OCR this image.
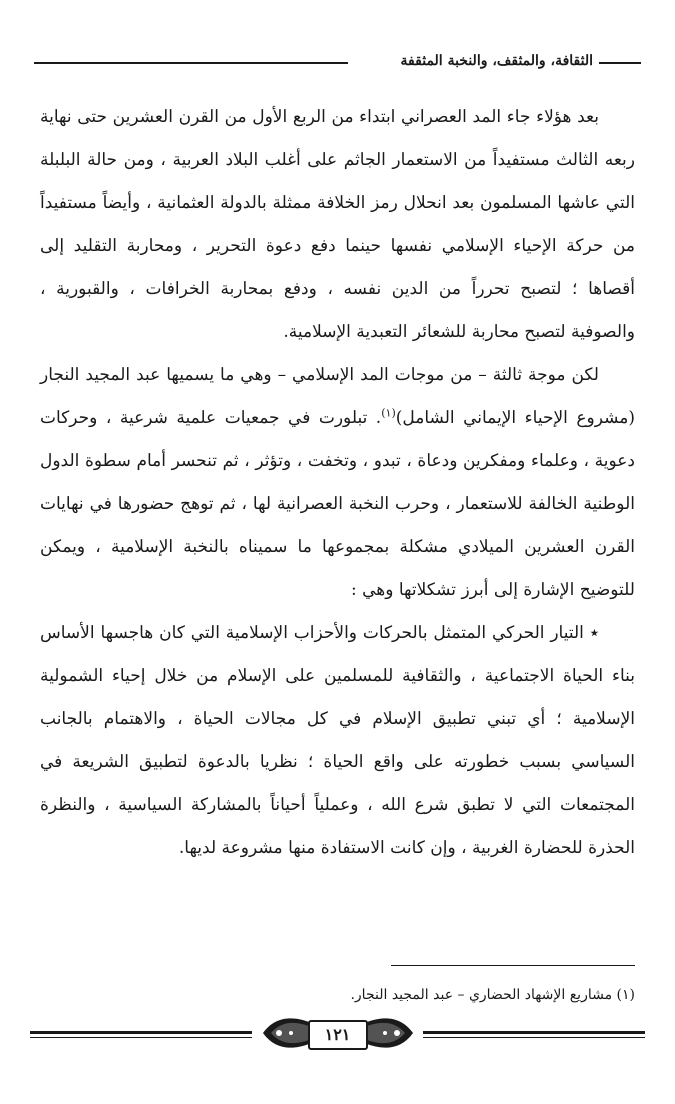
الثقافة، والمثقف، والنخبة المثقفة

بعد هؤلاء جاء المد العصراني ابتداء من الربع الأول من القرن العشرين حتى نهاية ربعه الثالث مستفيداً من الاستعمار الجاثم على أغلب البلاد العربية ، ومن حالة البلبلة التي عاشها المسلمون بعد انحلال رمز الخلافة ممثلة بالدولة العثمانية ، وأيضاً مستفيداً من حركة الإحياء الإسلامي نفسها حينما دفع دعوة التحرير ، ومحاربة التقليد إلى أقصاها ؛ لتصبح تحرراً من الدين نفسه ، ودفع بمحاربة الخرافات ، والقبورية ، والصوفية لتصبح محاربة للشعائر التعبدية الإسلامية.

لكن موجة ثالثة – من موجات المد الإسلامي – وهي ما يسميها عبد المجيد النجار (مشروع الإحياء الإيماني الشامل)$^{(١)}$. تبلورت في جمعيات علمية شرعية ، وحركات دعوية ، وعلماء ومفكرين ودعاة ، تبدو ، وتخفت ، وتؤثر ، ثم تنحسر أمام سطوة الدول الوطنية الخالفة للاستعمار ، وحرب النخبة العصرانية لها ، ثم توهج حضورها في نهايات القرن العشرين الميلادي مشكلة بمجموعها ما سميناه بالنخبة الإسلامية ، ويمكن للتوضيح الإشارة إلى أبرز تشكلاتها وهي :

٭ التيار الحركي المتمثل بالحركات والأحزاب الإسلامية التي كان هاجسها الأساس بناء الحياة الاجتماعية ، والثقافية للمسلمين على الإسلام من خلال إحياء الشمولية الإسلامية ؛ أي تبني تطبيق الإسلام في كل مجالات الحياة ، والاهتمام بالجانب السياسي بسبب خطورته على واقع الحياة ؛ نظريا بالدعوة لتطبيق الشريعة في المجتمعات التي لا تطبق شرع الله ، وعملياً أحياناً بالمشاركة السياسية ، والنظرة الحذرة للحضارة الغربية ، وإن كانت الاستفادة منها مشروعة لديها.

(١) مشاريع الإشهاد الحضاري – عبد المجيد النجار.
١٢١
